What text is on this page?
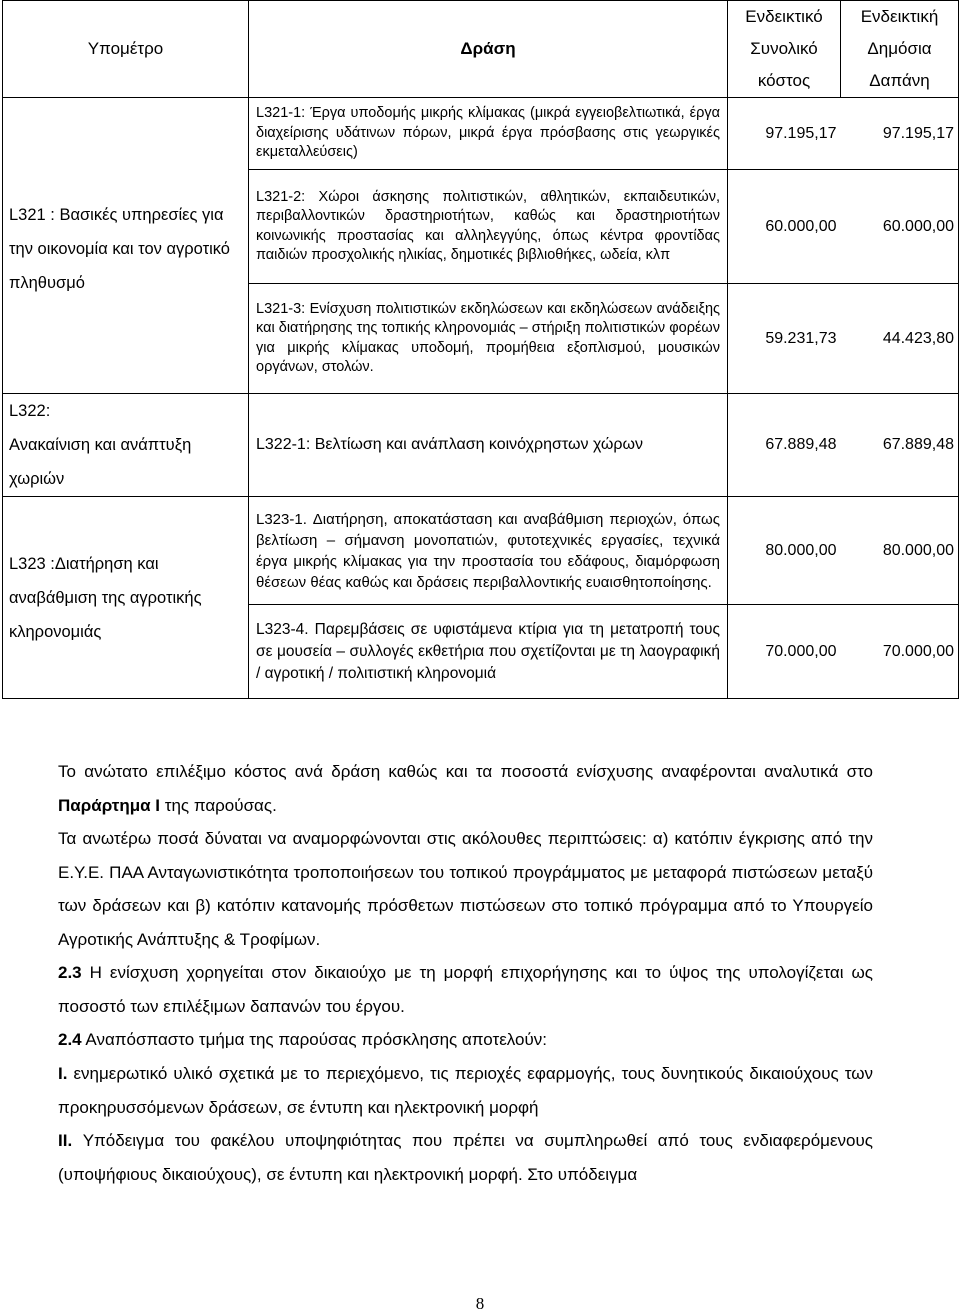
Υπομέτρο	Δράση	Ενδεικτικό
Συνολικό
κόστος	Ενδεικτική
Δημόσια
Δαπάνη

	L321-1: Έργα υποδομής μικρής κλίμακας (μικρά εγγειοβελτιωτικά, έργα διαχείρισης υδάτινων πόρων, μικρά έργα πρόσβασης στις γεωργικές εκμεταλλεύσεις)	97.195,17	97.195,17
L321 : Βασικές υπηρεσίες για την οικονομία και τον αγροτικό πληθυσμό	L321-2: Χώροι άσκησης πολιτιστικών, αθλητικών, εκπαιδευτικών, περιβαλλοντικών δραστηριοτήτων, καθώς και δραστηριοτήτων κοινωνικής προστασίας και αλληλεγγύης, όπως κέντρα φροντίδας παιδιών προσχολικής ηλικίας, δημοτικές βιβλιοθήκες, ωδεία, κλπ	60.000,00	60.000,00
	L321-3: Ενίσχυση πολιτιστικών εκδηλώσεων και εκδηλώσεων ανάδειξης και διατήρησης της τοπικής κληρονομιάς – στήριξη πολιτιστικών φορέων για μικρής κλίμακας υποδομή, προμήθεια εξοπλισμού, μουσικών οργάνων, στολών.	59.231,73	44.423,80

L322:
Ανακαίνιση και ανάπτυξη
χωριών	L322-1: Βελτίωση και ανάπλαση κοινόχρηστων χώρων	67.889,48	67.889,48
L323 :Διατήρηση και αναβάθμιση της αγροτικής κληρονομιάς	L323-1. Διατήρηση, αποκατάσταση και αναβάθμιση περιοχών, όπως βελτίωση – σήμανση μονοπατιών, φυτοτεχνικές εργασίες, τεχνικά έργα μικρής κλίμακας για την προστασία του εδάφους, διαμόρφωση θέσεων θέας καθώς και δράσεις περιβαλλοντικής ευαισθητοποίησης.	80.000,00	80.000,00
	L323-4. Παρεμβάσεις σε υφιστάμενα κτίρια για τη μετατροπή τους σε μουσεία – συλλογές εκθετήρια που σχετίζονται με τη λαογραφική / αγροτική / πολιτιστική κληρονομιά	70.000,00	70.000,00

Το ανώτατο επιλέξιμο κόστος ανά δράση καθώς και τα ποσοστά ενίσχυσης αναφέρονται αναλυτικά στο Παράρτημα Ι της παρούσας.

Τα ανωτέρω ποσά δύναται να αναμορφώνονται στις ακόλουθες περιπτώσεις: α) κατόπιν έγκρισης από την Ε.Υ.Ε. ΠΑΑ Ανταγωνιστικότητα τροποποιήσεων του τοπικού προγράμματος με μεταφορά πιστώσεων μεταξύ των δράσεων και β) κατόπιν κατανομής πρόσθετων πιστώσεων στο τοπικό πρόγραμμα από το Υπουργείο Αγροτικής Ανάπτυξης & Τροφίμων.

2.3 Η ενίσχυση χορηγείται στον δικαιούχο με τη μορφή επιχορήγησης και το ύψος της υπολογίζεται ως ποσοστό των επιλέξιμων δαπανών του έργου.

2.4 Αναπόσπαστο τμήμα της παρούσας πρόσκλησης αποτελούν:

I. ενημερωτικό υλικό σχετικά με το περιεχόμενο, τις περιοχές εφαρμογής, τους δυνητικούς δικαιούχους των προκηρυσσόμενων δράσεων, σε έντυπη και ηλεκτρονική μορφή

II. Υπόδειγμα του φακέλου υποψηφιότητας που πρέπει να συμπληρωθεί από τους ενδιαφερόμενους (υποψήφιους δικαιούχους), σε έντυπη και ηλεκτρονική μορφή. Στο υπόδειγμα

8
